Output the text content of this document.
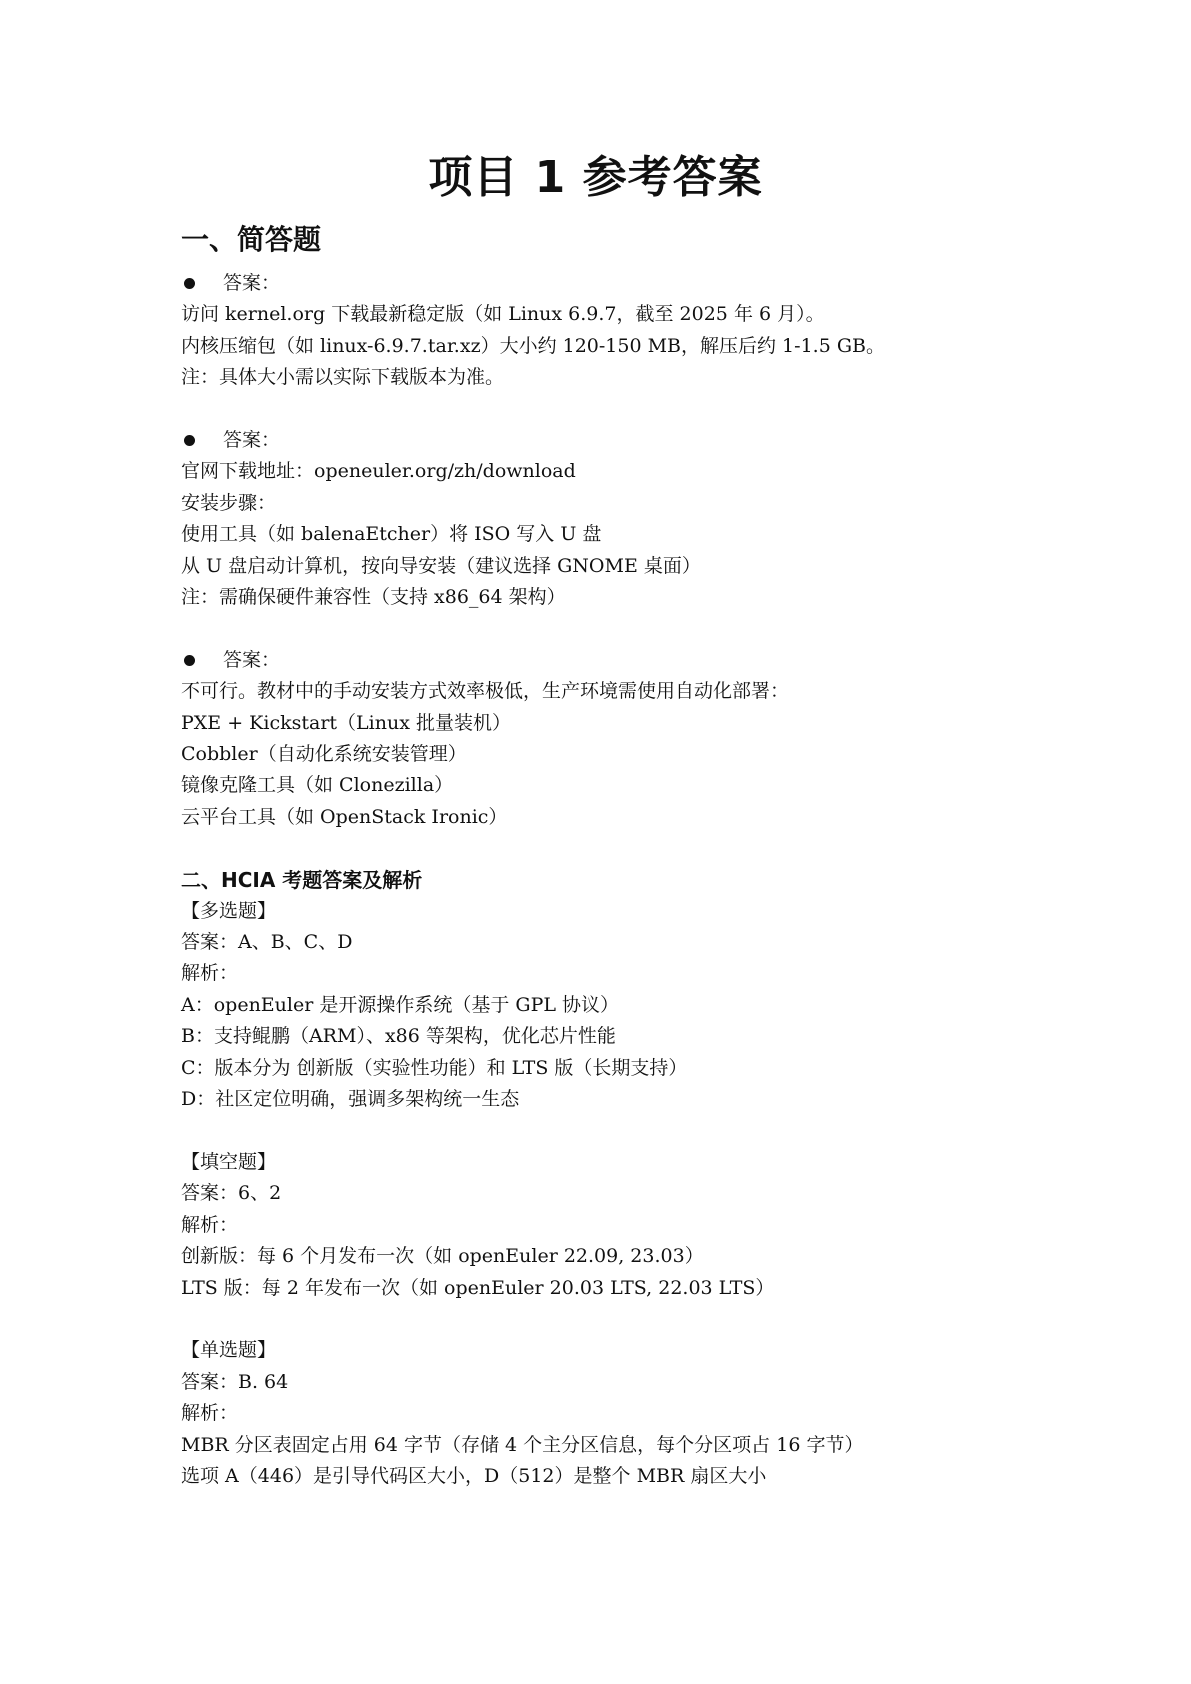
项目 1 参考答案
一、简答题
答案：
访问 kernel.org 下载最新稳定版（如 Linux 6.9.7，截至 2025 年 6 月）。
内核压缩包（如 linux-6.9.7.tar.xz）大小约 120-150 MB，解压后约 1-1.5 GB。
注：具体大小需以实际下载版本为准。
答案：
官网下载地址：openeuler.org/zh/download
安装步骤：
使用工具（如 balenaEtcher）将 ISO 写入 U 盘
从 U 盘启动计算机，按向导安装（建议选择 GNOME 桌面）
注：需确保硬件兼容性（支持 x86_64 架构）
答案：
不可行。教材中的手动安装方式效率极低，生产环境需使用自动化部署：
PXE + Kickstart（Linux 批量装机）
Cobbler（自动化系统安装管理）
镜像克隆工具（如 Clonezilla）
云平台工具（如 OpenStack Ironic）
二、HCIA 考题答案及解析
【多选题】
答案：A、B、C、D
解析：
A：openEuler 是开源操作系统（基于 GPL 协议）
B：支持鲲鹏（ARM）、x86 等架构，优化芯片性能
C：版本分为 创新版（实验性功能）和 LTS 版（长期支持）
D：社区定位明确，强调多架构统一生态
【填空题】
答案：6、2
解析：
创新版：每 6 个月发布一次（如 openEuler 22.09, 23.03）
LTS 版：每 2 年发布一次（如 openEuler 20.03 LTS, 22.03 LTS）
【单选题】
答案：B. 64
解析：
MBR 分区表固定占用 64 字节（存储 4 个主分区信息，每个分区项占 16 字节）
选项 A（446）是引导代码区大小，D（512）是整个 MBR 扇区大小
